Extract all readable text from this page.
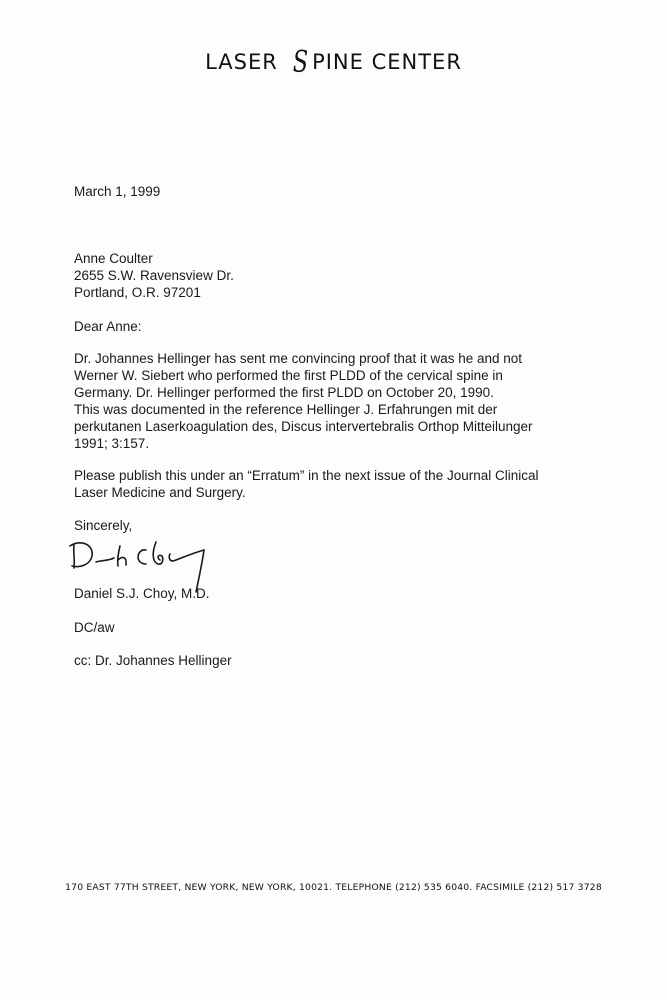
LASER S PINE CENTER
March 1, 1999
Anne Coulter
2655 S.W. Ravensview Dr.
Portland, O.R. 97201
Dear Anne:
Dr. Johannes Hellinger has sent me convincing proof that it was he and not
Werner W. Siebert who performed the first PLDD of the cervical spine in
Germany. Dr. Hellinger performed the first PLDD on October 20, 1990.
This was documented in the reference Hellinger J. Erfahrungen mit der
perkutanen Laserkoagulation des, Discus intervertebralis Orthop Mitteilunger
1991; 3:157.
Please publish this under an “Erratum” in the next issue of the Journal Clinical
Laser Medicine and Surgery.
Sincerely,
Daniel S.J. Choy, M.D.
DC/aw
cc: Dr. Johannes Hellinger
170 EAST 77TH STREET, NEW YORK, NEW YORK, 10021. TELEPHONE (212) 535 6040. FACSIMILE (212) 517 3728
